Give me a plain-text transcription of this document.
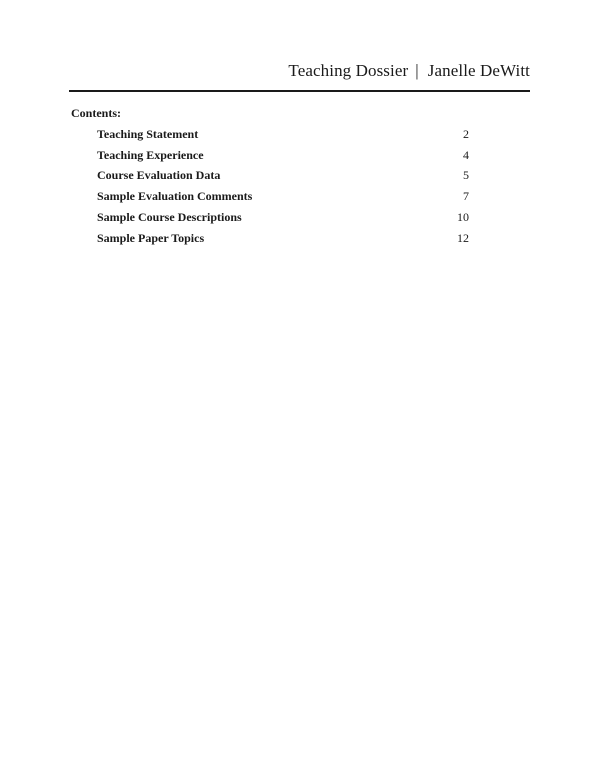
Teaching Dossier | Janelle DeWitt
Contents:
Teaching Statement	2
Teaching Experience	4
Course Evaluation Data	5
Sample Evaluation Comments	7
Sample Course Descriptions	10
Sample Paper Topics	12
